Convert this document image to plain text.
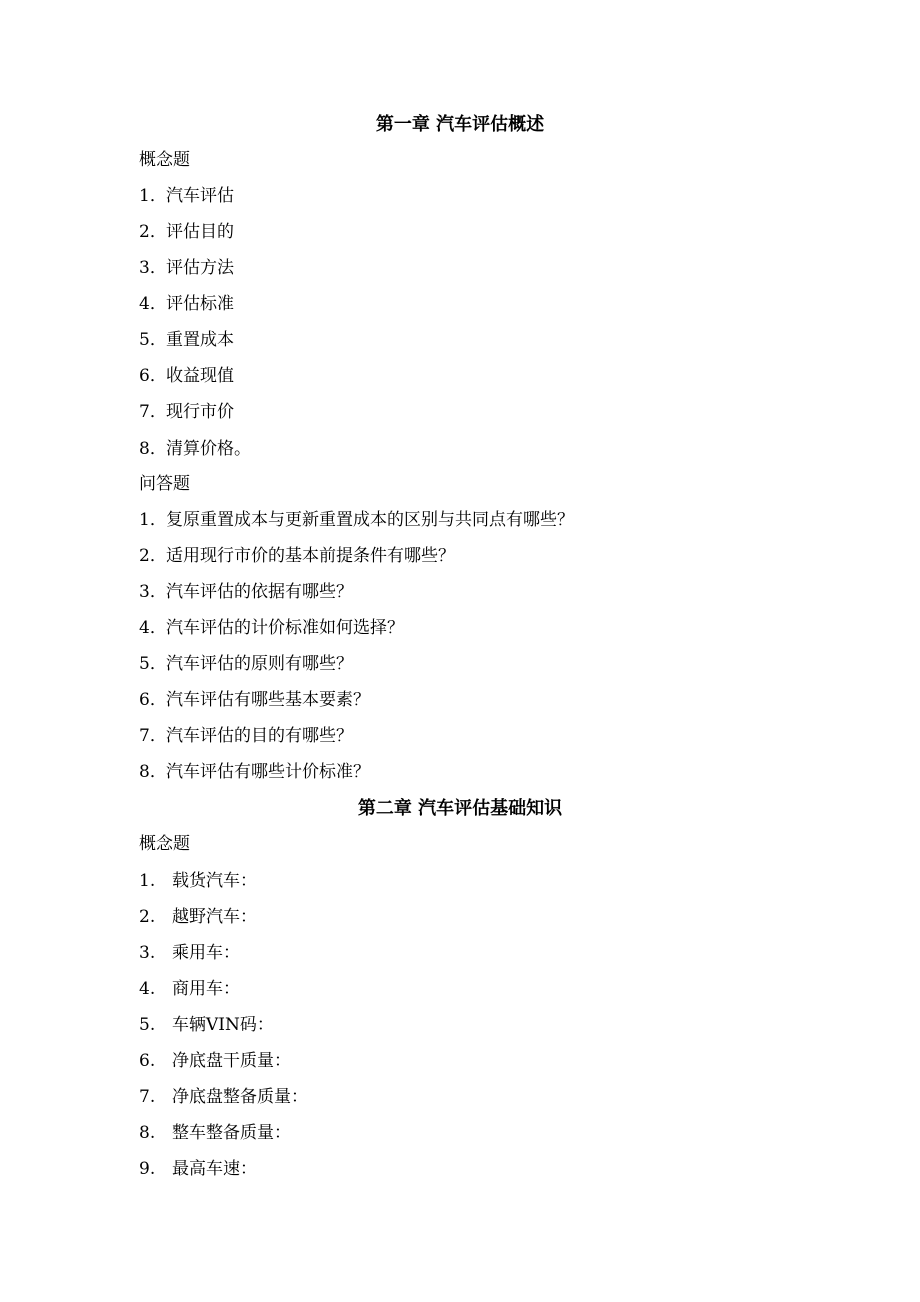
第一章 汽车评估概述
概念题
1．汽车评估
2．评估目的
3．评估方法
4．评估标准
5．重置成本
6．收益现值
7．现行市价
8．清算价格。
问答题
1．复原重置成本与更新重置成本的区别与共同点有哪些？
2．适用现行市价的基本前提条件有哪些？
3．汽车评估的依据有哪些？
4．汽车评估的计价标准如何选择？
5．汽车评估的原则有哪些？
6．汽车评估有哪些基本要素？
7．汽车评估的目的有哪些？
8．汽车评估有哪些计价标准？
第二章 汽车评估基础知识
概念题
1. 载货汽车：
2. 越野汽车：
3. 乘用车：
4. 商用车：
5. 车辆VIN码：
6. 净底盘干质量：
7. 净底盘整备质量：
8. 整车整备质量：
9. 最高车速：
